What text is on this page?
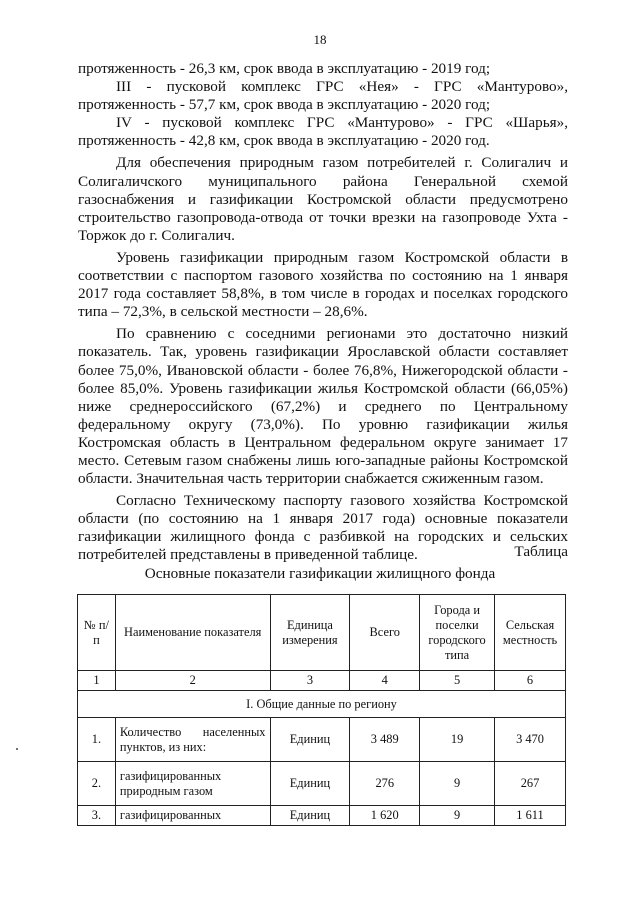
18

протяженность - 26,3 км, срок ввода в эксплуатацию - 2019 год;

III - пусковой комплекс ГРС «Нея» - ГРС «Мантурово», протяженность - 57,7 км, срок ввода в эксплуатацию - 2020 год;

IV - пусковой комплекс ГРС «Мантурово» - ГРС «Шарья», протяженность - 42,8 км, срок ввода в эксплуатацию - 2020 год.

Для обеспечения природным газом потребителей г. Солигалич и Солигаличского муниципального района Генеральной схемой газоснабжения и газификации Костромской области предусмотрено строительство газопровода-отвода от точки врезки на газопроводе Ухта - Торжок до г. Солигалич.

Уровень газификации природным газом Костромской области в соответствии с паспортом газового хозяйства по состоянию на 1 января 2017 года составляет 58,8%, в том числе в городах и поселках городского типа – 72,3%, в сельской местности – 28,6%.

По сравнению с соседними регионами это достаточно низкий показатель. Так, уровень газификации Ярославской области составляет более 75,0%, Ивановской области - более 76,8%, Нижегородской области - более 85,0%. Уровень газификации жилья Костромской области (66,05%) ниже среднероссийского (67,2%) и среднего по Центральному федеральному округу (73,0%). По уровню газификации жилья Костромская область в Центральном федеральном округе занимает 17 место. Сетевым газом снабжены лишь юго-западные районы Костромской области. Значительная часть территории снабжается сжиженным газом.

Согласно Техническому паспорту газового хозяйства Костромской области (по состоянию на 1 января 2017 года) основные показатели газификации жилищного фонда с разбивкой на городских и сельских потребителей представлены в приведенной таблице.	Таблица
Основные показатели газификации жилищного фонда
№ п/п	Наименование показателя	Единица измерения	Всего	Города и поселки городского типа	Сельская местность
1	2	3	4	5	6
I. Общие данные по региону					
1.	Количество населенных пунктов, из них:	Единиц	3 489	19	3 470
2.	газифицированных природным газом	Единиц	276	9	267
3.	газифицированных	Единиц	1 620	9	1 611
